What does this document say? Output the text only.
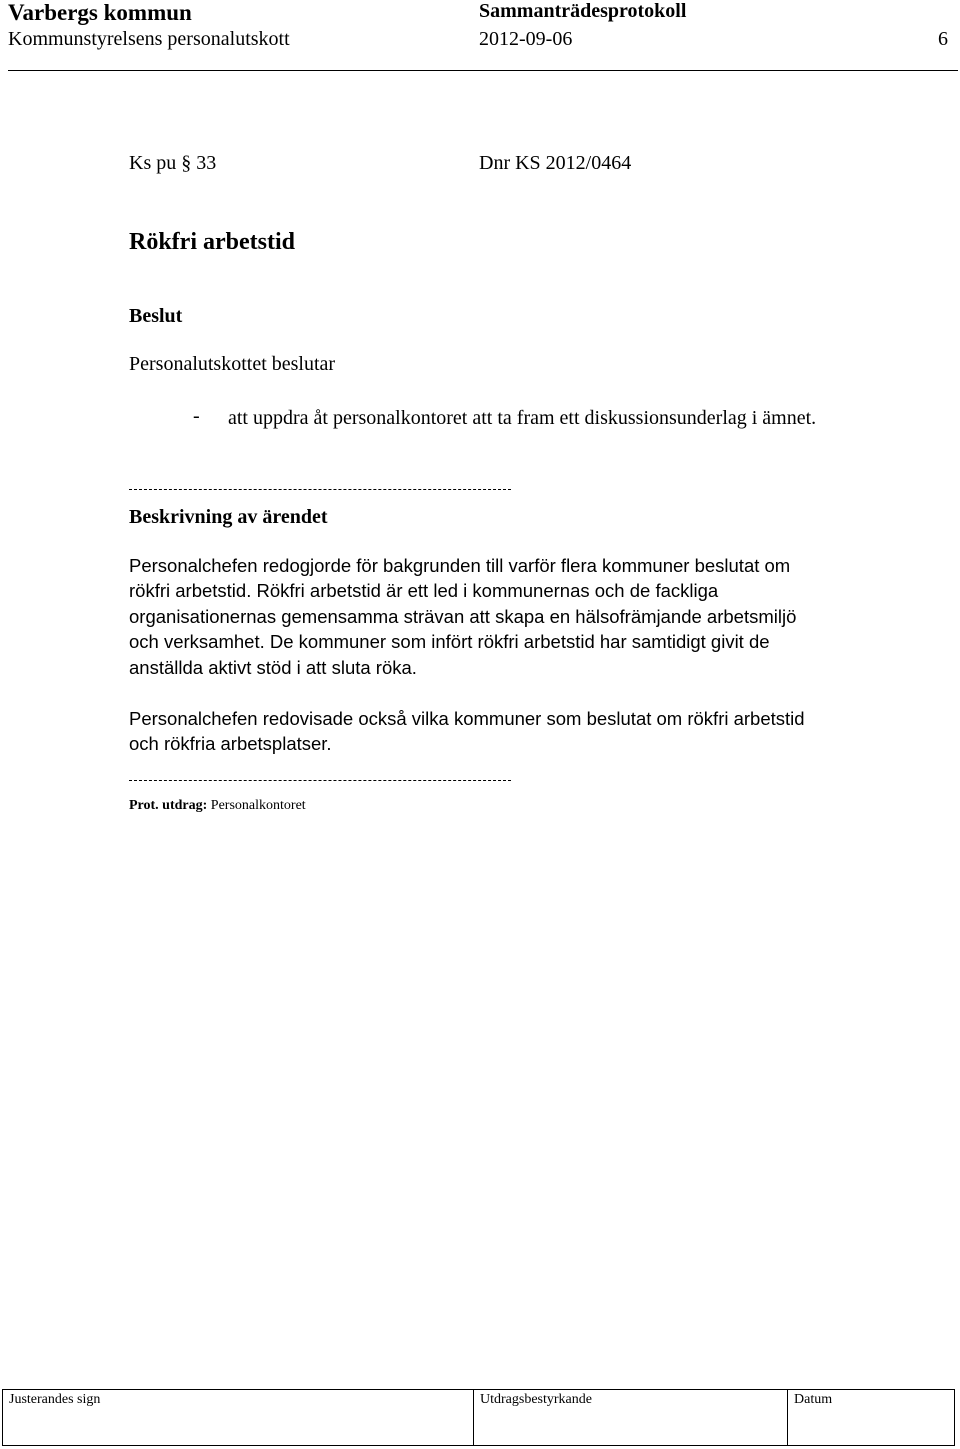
Varbergs kommun	Sammanträdesprotokoll
Kommunstyrelsens personalutskott	2012-09-06	6
Ks pu § 33	Dnr KS 2012/0464
Rökfri arbetstid
Beslut
Personalutskottet beslutar
- att uppdra åt personalkontoret att ta fram ett diskussionsunderlag i ämnet.
Beskrivning av ärendet
Personalchefen redogjorde för bakgrunden till varför flera kommuner beslutat om rökfri arbetstid. Rökfri arbetstid är ett led i kommunernas och de fackliga organisationernas gemensamma strävan att skapa en hälsofrämjande arbetsmiljö och verksamhet. De kommuner som infört rökfri arbetstid har samtidigt givit de anställda aktivt stöd i att sluta röka.
Personalchefen redovisade också vilka kommuner som beslutat om rökfri arbetstid och rökfria arbetsplatser.
Prot. utdrag: Personalkontoret
Justerandes sign	Utdragsbestyrkande	Datum
